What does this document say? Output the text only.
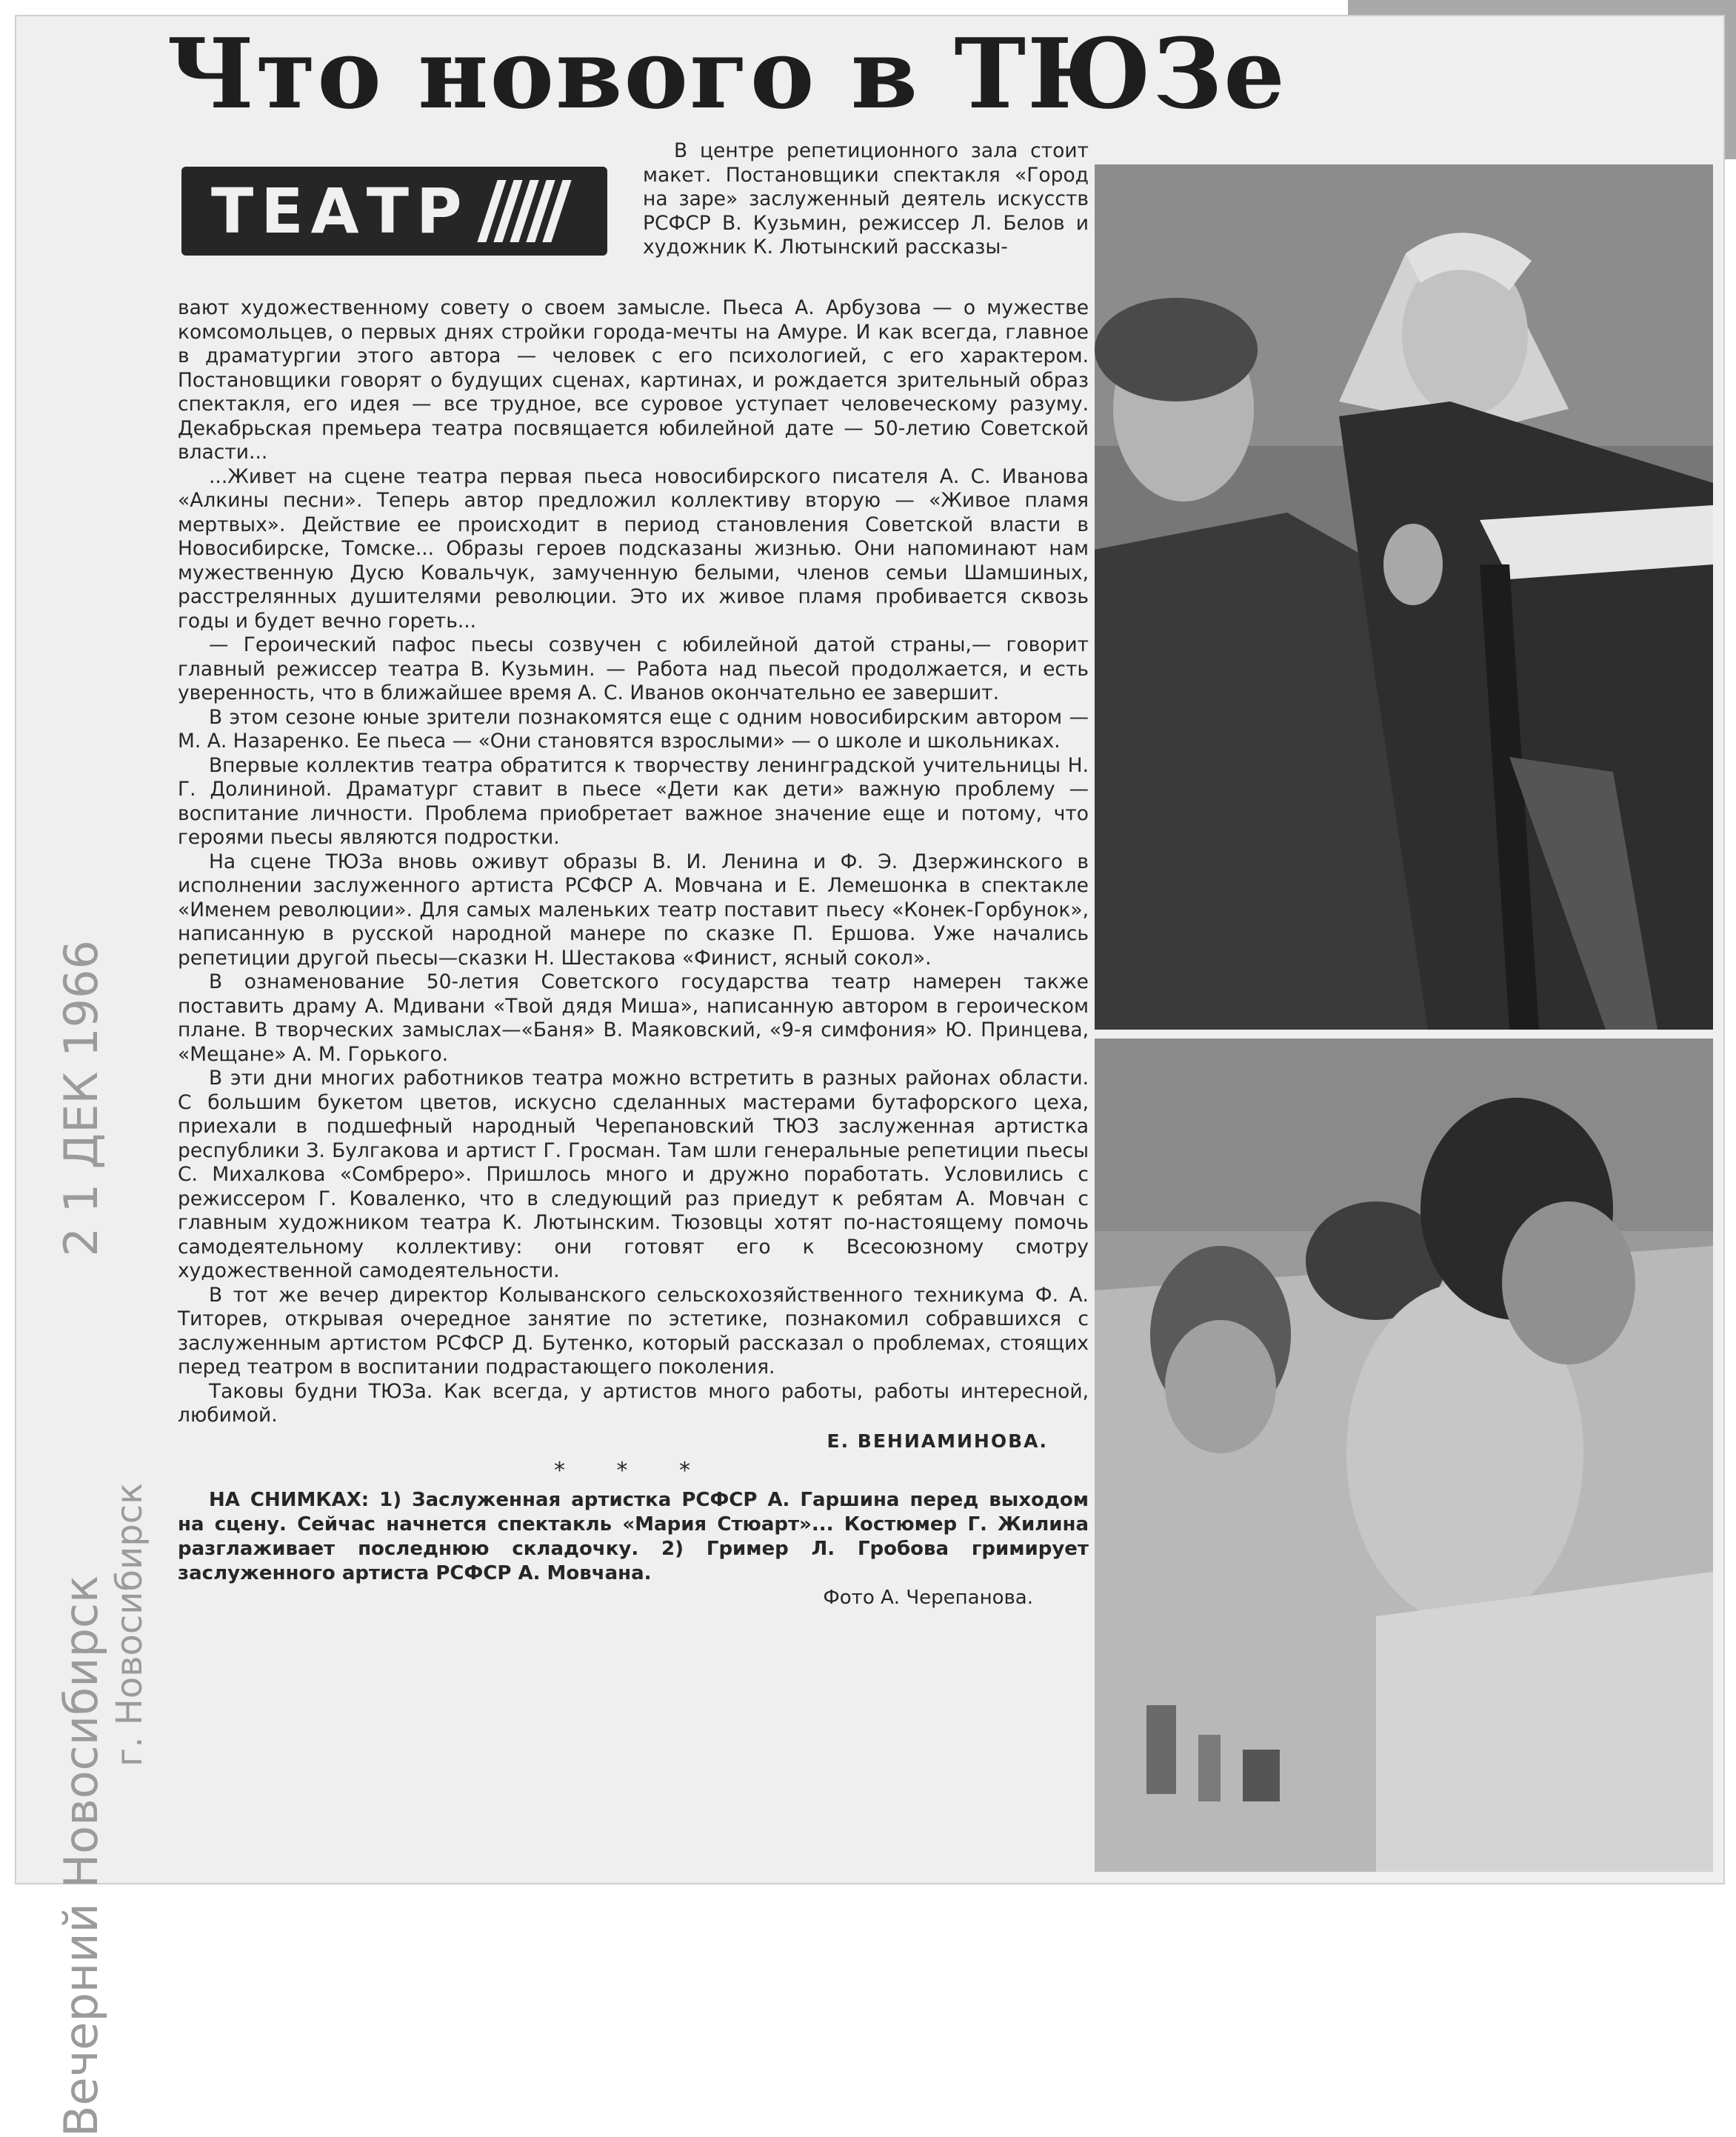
Что нового в ТЮЗе
ТЕАТР

В центре репетиционного зала стоит макет. Постановщики спектакля «Город на заре» заслуженный деятель искусств РСФСР В. Кузьмин, режиссер Л. Белов и художник К. Лютынский рассказы-

вают художественному совету о своем замысле. Пьеса А. Арбузова — о мужестве комсомольцев, о первых днях стройки города-мечты на Амуре. И как всегда, главное в драматургии этого автора — человек с его психологией, с его характером. Постановщики говорят о будущих сценах, картинах, и рождается зрительный образ спектакля, его идея — все трудное, все суровое уступает человеческому разуму. Декабрьская премьера театра посвящается юбилейной дате — 50-летию Советской власти...

...Живет на сцене театра первая пьеса новосибирского писателя А. С. Иванова «Алкины песни». Теперь автор предложил коллективу вторую — «Живое пламя мертвых». Действие ее происходит в период становления Советской власти в Новосибирске, Томске... Образы героев подсказаны жизнью. Они напоминают нам мужественную Дусю Ковальчук, замученную белыми, членов семьи Шамшиных, расстрелянных душителями революции. Это их живое пламя пробивается сквозь годы и будет вечно гореть...

— Героический пафос пьесы созвучен с юбилейной датой страны,— говорит главный режиссер театра В. Кузьмин. — Работа над пьесой продолжается, и есть уверенность, что в ближайшее время А. С. Иванов окончательно ее завершит.

В этом сезоне юные зрители познакомятся еще с одним новосибирским автором — М. А. Назаренко. Ее пьеса — «Они становятся взрослыми» — о школе и школьниках.

Впервые коллектив театра обратится к творчеству ленинградской учительницы Н. Г. Долининой. Драматург ставит в пьесе «Дети как дети» важную проблему — воспитание личности. Проблема приобретает важное значение еще и потому, что героями пьесы являются подростки.

На сцене ТЮЗа вновь оживут образы В. И. Ленина и Ф. Э. Дзержинского в исполнении заслуженного артиста РСФСР А. Мовчана и Е. Лемешонка в спектакле «Именем революции». Для самых маленьких театр поставит пьесу «Конек-Горбунок», написанную в русской народной манере по сказке П. Ершова. Уже начались репетиции другой пьесы—сказки Н. Шестакова «Финист, ясный сокол».

В ознаменование 50-летия Советского государства театр намерен также поставить драму А. Мдивани «Твой дядя Миша», написанную автором в героическом плане. В творческих замыслах—«Баня» В. Маяковский, «9-я симфония» Ю. Принцева, «Мещане» А. М. Горького.

В эти дни многих работников театра можно встретить в разных районах области. С большим букетом цветов, искусно сделанных мастерами бутафорского цеха, приехали в подшефный народный Черепановский ТЮЗ заслуженная артистка республики З. Булгакова и артист Г. Гросман. Там шли генеральные репетиции пьесы С. Михалкова «Сомбреро». Пришлось много и дружно поработать. Условились с режиссером Г. Коваленко, что в следующий раз приедут к ребятам А. Мовчан с главным художником театра К. Лютынским. Тюзовцы хотят по-настоящему помочь самодеятельному коллективу: они готовят его к Всесоюзному смотру художественной самодеятельности.

В тот же вечер директор Колыванского сельскохозяйственного техникума Ф. А. Титорев, открывая очередное занятие по эстетике, познакомил собравшихся с заслуженным артистом РСФСР Д. Бутенко, который рассказал о проблемах, стоящих перед театром в воспитании подрастающего поколения.

Таковы будни ТЮЗа. Как всегда, у артистов много работы, работы интересной, любимой.

Е. ВЕНИАМИНОВА.
* * *
НА СНИМКАХ: 1) Заслуженная артистка РСФСР А. Гаршина перед выходом на сцену. Сейчас начнется спектакль «Мария Стюарт»... Костюмер Г. Жилина разглаживает последнюю складочку. 2) Гример Л. Гробова гримирует заслуженного артиста РСФСР А. Мовчана.
Фото А. Черепанова.
Вечерний Новосибирск2 1 ДЕК 1966
г. Новосибирск
